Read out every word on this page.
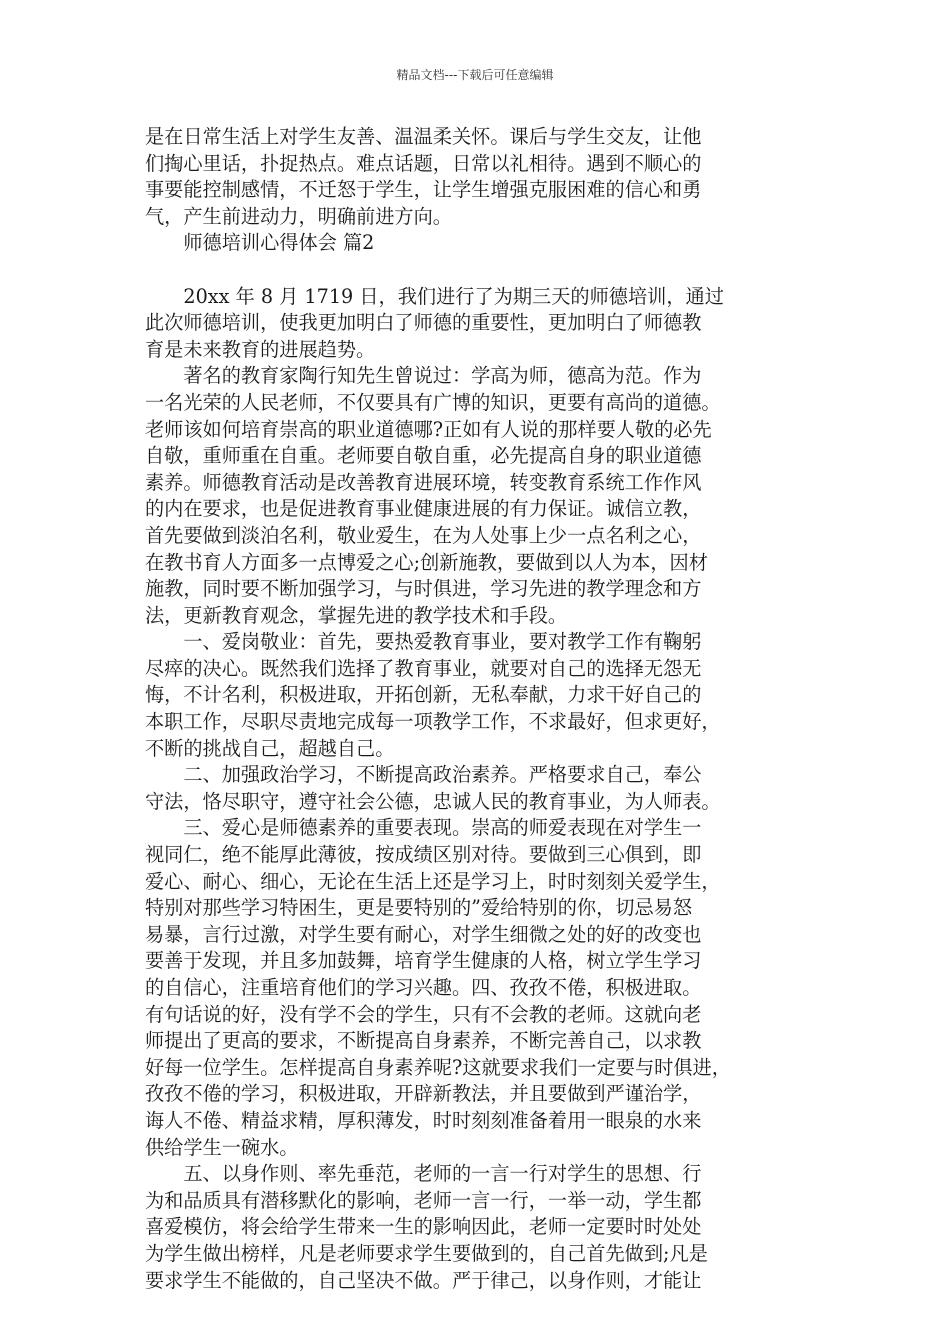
精品文档---下载后可任意编辑
是在日常生活上对学生友善、温温柔关怀。课后与学生交友，让他
们掏心里话，扑捉热点。难点话题，日常以礼相待。遇到不顺心的
事要能控制感情，不迁怒于学生，让学生增强克服困难的信心和勇
气，产生前进动力，明确前进方向。
　　师德培训心得体会 篇2
　　20xx 年 8 月 1719 日，我们进行了为期三天的师德培训，通过
此次师德培训，使我更加明白了师德的重要性，更加明白了师德教
育是未来教育的进展趋势。
　　著名的教育家陶行知先生曾说过：学高为师，德高为范。作为
一名光荣的人民老师，不仅要具有广博的知识，更要有高尚的道德。
老师该如何培育崇高的职业道德哪?正如有人说的那样要人敬的必先
自敬，重师重在自重。老师要自敬自重，必先提高自身的职业道德
素养。师德教育活动是改善教育进展环境，转变教育系统工作作风
的内在要求，也是促进教育事业健康进展的有力保证。诚信立教，
首先要做到淡泊名利，敬业爱生，在为人处事上少一点名利之心，
在教书育人方面多一点博爱之心;创新施教，要做到以人为本，因材
施教，同时要不断加强学习，与时俱进，学习先进的教学理念和方
法，更新教育观念，掌握先进的教学技术和手段。
　　一、爱岗敬业：首先，要热爱教育事业，要对教学工作有鞠躬
尽瘁的决心。既然我们选择了教育事业，就要对自己的选择无怨无
悔，不计名利，积极进取，开拓创新，无私奉献，力求干好自己的
本职工作，尽职尽责地完成每一项教学工作，不求最好，但求更好，
不断的挑战自己，超越自己。
　　二、加强政治学习，不断提高政治素养。严格要求自己，奉公
守法，恪尽职守，遵守社会公德，忠诚人民的教育事业，为人师表。
　　三、爱心是师德素养的重要表现。崇高的师爱表现在对学生一
视同仁，绝不能厚此薄彼，按成绩区别对待。要做到三心俱到，即
爱心、耐心、细心，无论在生活上还是学习上，时时刻刻关爱学生，
特别对那些学习特困生，更是要特别的”爱给特别的你，切忌易怒
易暴，言行过激，对学生要有耐心，对学生细微之处的好的改变也
要善于发现，并且多加鼓舞，培育学生健康的人格，树立学生学习
的自信心，注重培育他们的学习兴趣。四、孜孜不倦，积极进取。
有句话说的好，没有学不会的学生，只有不会教的老师。这就向老
师提出了更高的要求，不断提高自身素养，不断完善自己，以求教
好每一位学生。怎样提高自身素养呢?这就要求我们一定要与时俱进，
孜孜不倦的学习，积极进取，开辟新教法，并且要做到严谨治学，
诲人不倦、精益求精，厚积薄发，时时刻刻准备着用一眼泉的水来
供给学生一碗水。
　　五、以身作则、率先垂范，老师的一言一行对学生的思想、行
为和品质具有潜移默化的影响，老师一言一行，一举一动，学生都
喜爱模仿，将会给学生带来一生的影响因此，老师一定要时时处处
为学生做出榜样，凡是老师要求学生要做到的，自己首先做到;凡是
要求学生不能做的，自己坚决不做。严于律己，以身作则，才能让
